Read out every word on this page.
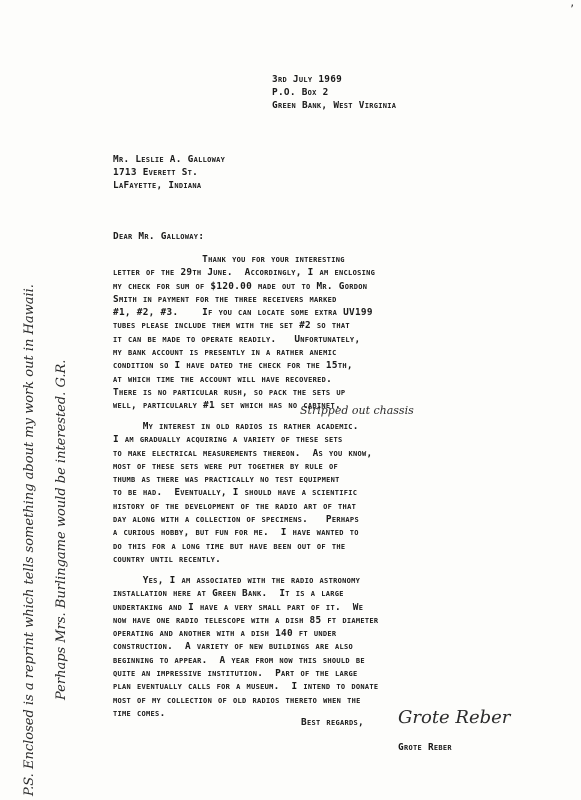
’
3rd July 1969
P.O. Box 2
Green Bank, West Virginia
Mr. Leslie A. Galloway
1713 Everett St.
LaFayette, Indiana
Dear Mr. Galloway:
Thank you for your interesting
letter of the 29th June.  Accordingly, I am enclosing
my check for sum of $120.00 made out to Mr. Gordon
Smith in payment for the three receivers marked
#1, #2, #3.    If you can locate some extra UV199
tubes please include them with the set #2 so that
it can be made to operate readily.   Unfortunately,
my bank account is presently in a rather anemic
condition so I have dated the check for the 15th,
at which time the account will have recovered.
There is no particular rush, so pack the sets up
well, particularly #1 set which has no cabinet.
Stripped out chassis
My interest in old radios is rather academic.
I am gradually acquiring a variety of these sets
to make electrical measurements thereon.  As you know,
most of these sets were put together by rule of
thumb as there was practically no test equipment
to be had.  Eventually, I should have a scientific
history of the development of the radio art of that
day along with a collection of specimens.   Perhaps
a curious hobby, but fun for me.  I have wanted to
do this for a long time but have been out of the
country until recently.
Yes, I am associated with the radio astronomy
installation here at Green Bank.  It is a large
undertaking and I have a very small part of it.  We
now have one radio telescope with a dish 85 ft diameter
operating and another with a dish 140 ft under
construction.  A variety of new buildings are also
beginning to appear.  A year from now this should be
quite an impressive institution.  Part of the large
plan eventually calls for a museum.  I intend to donate
most of my collection of old radios thereto when the
time comes.
Best regards, Grote Reber
Grote Reber
P.S. Enclosed is a reprint which tells something about my work out in Hawaii. Perhaps Mrs. Burlingame would be interested. G.R.
